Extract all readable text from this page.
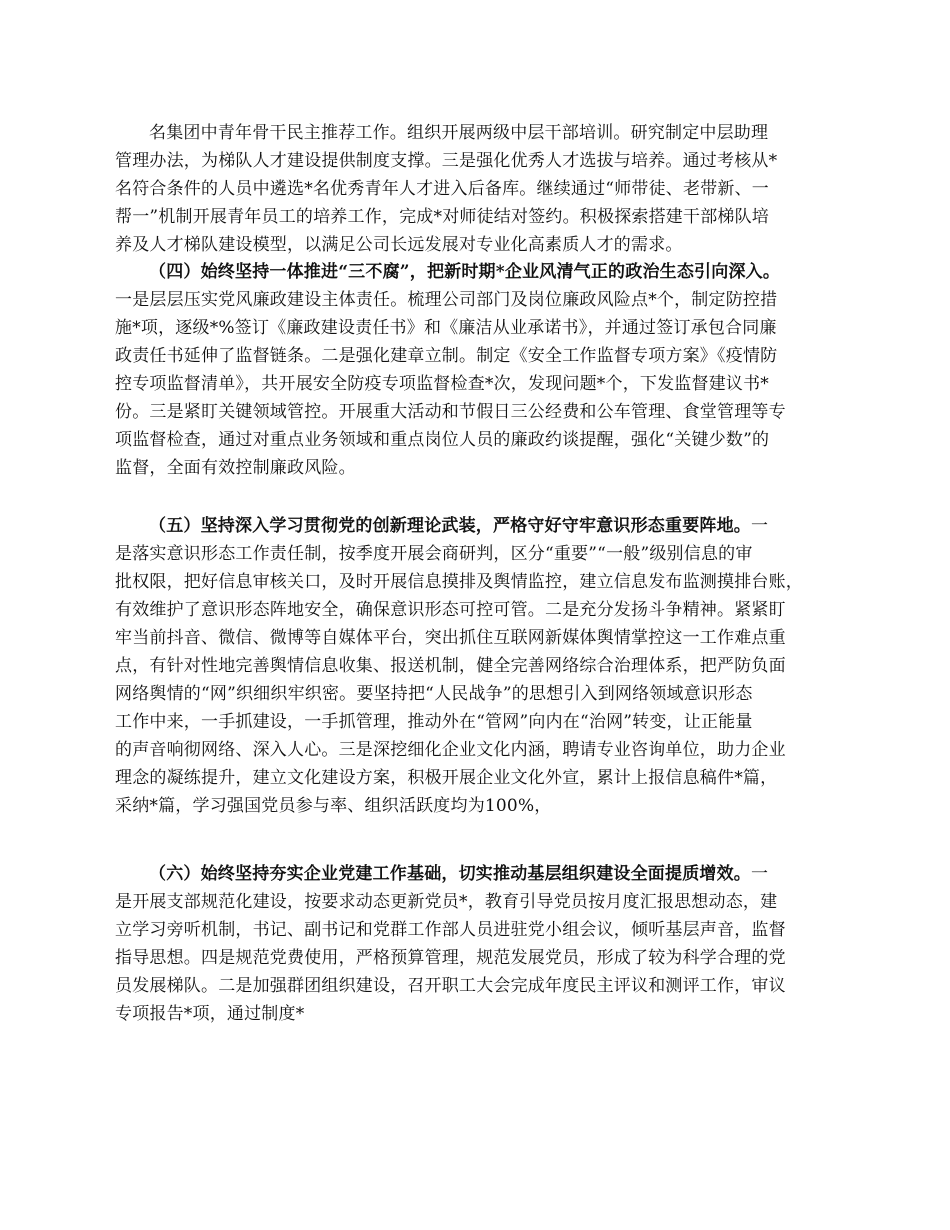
名集团中青年骨干民主推荐工作。组织开展两级中层干部培训。研究制定中层助理
管理办法，为梯队人才建设提供制度支撑。三是强化优秀人才选拔与培养。通过考核从*
名符合条件的人员中遴选*名优秀青年人才进入后备库。继续通过“师带徒、老带新、一
帮一”机制开展青年员工的培养工作，完成*对师徒结对签约。积极探索搭建干部梯队培
养及人才梯队建设模型，以满足公司长远发展对专业化高素质人才的需求。
（四）始终坚持一体推进“三不腐”，把新时期*企业风清气正的政治生态引向深入。
一是层层压实党风廉政建设主体责任。梳理公司部门及岗位廉政风险点*个，制定防控措
施*项，逐级*%签订《廉政建设责任书》和《廉洁从业承诺书》，并通过签订承包合同廉
政责任书延伸了监督链条。二是强化建章立制。制定《安全工作监督专项方案》《疫情防
控专项监督清单》，共开展安全防疫专项监督检查*次，发现问题*个，下发监督建议书*
份。三是紧盯关键领域管控。开展重大活动和节假日三公经费和公车管理、食堂管理等专
项监督检查，通过对重点业务领域和重点岗位人员的廉政约谈提醒，强化“关键少数”的
监督，全面有效控制廉政风险。
（五）坚持深入学习贯彻党的创新理论武装，严格守好守牢意识形态重要阵地。一
是落实意识形态工作责任制，按季度开展会商研判，区分“重要”“一般”级别信息的审
批权限，把好信息审核关口，及时开展信息摸排及舆情监控，建立信息发布监测摸排台账，
有效维护了意识形态阵地安全，确保意识形态可控可管。二是充分发扬斗争精神。紧紧盯
牢当前抖音、微信、微博等自媒体平台，突出抓住互联网新媒体舆情掌控这一工作难点重
点，有针对性地完善舆情信息收集、报送机制，健全完善网络综合治理体系，把严防负面
网络舆情的“网”织细织牢织密。要坚持把“人民战争”的思想引入到网络领域意识形态
工作中来，一手抓建设，一手抓管理，推动外在“管网”向内在“治网”转变，让正能量
的声音响彻网络、深入人心。三是深挖细化企业文化内涵，聘请专业咨询单位，助力企业
理念的凝练提升，建立文化建设方案，积极开展企业文化外宣，累计上报信息稿件*篇，
采纳*篇，学习强国党员参与率、组织活跃度均为100%，
（六）始终坚持夯实企业党建工作基础，切实推动基层组织建设全面提质增效。一
是开展支部规范化建设，按要求动态更新党员*，教育引导党员按月度汇报思想动态，建
立学习旁听机制，书记、副书记和党群工作部人员进驻党小组会议，倾听基层声音，监督
指导思想。四是规范党费使用，严格预算管理，规范发展党员，形成了较为科学合理的党
员发展梯队。二是加强群团组织建设，召开职工大会完成年度民主评议和测评工作，审议
专项报告*项，通过制度*
